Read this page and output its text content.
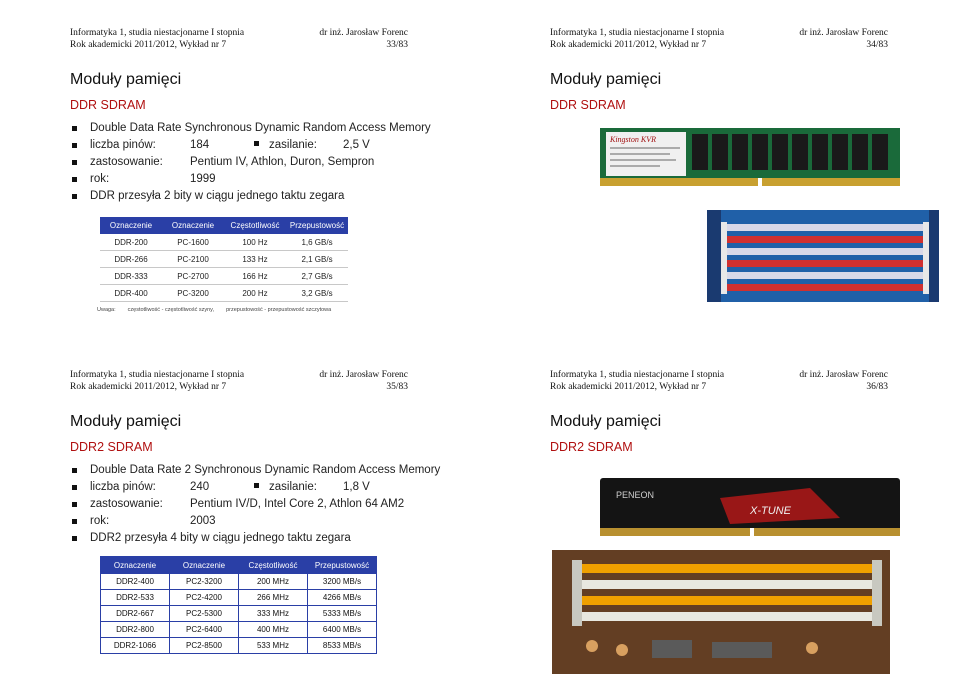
Informatyka 1, studia niestacjonarne I stopnia
Rok akademicki 2011/2012, Wykład nr 7
dr inż. Jarosław Forenc
33/83
Moduły pamięci
DDR SDRAM
Double Data Rate Synchronous Dynamic Random Access Memory
liczba pinów:	184	zasilanie: 2,5 V
zastosowanie: Pentium IV, Athlon, Duron, Sempron
rok:	1999
DDR przesyła 2 bity w ciągu jednego taktu zegara
Oznaczenie	Oznaczenie	Częstotliwość	Przepustowość
DDR-200	PC-1600	100 Hz	1,6 GB/s
DDR-266	PC-2100	133 Hz	2,1 GB/s
DDR-333	PC-2700	166 Hz	2,7 GB/s
DDR-400	PC-3200	200 Hz	3,2 GB/s
Uwaga: częstotliwość - częstotliwość szyny, przepustowość - przepustowość szczytowa
Informatyka 1, studia niestacjonarne I stopnia
Rok akademicki 2011/2012, Wykład nr 7
dr inż. Jarosław Forenc
34/83
Moduły pamięci
DDR SDRAM
Kingston KVR
Informatyka 1, studia niestacjonarne I stopnia
Rok akademicki 2011/2012, Wykład nr 7
dr inż. Jarosław Forenc
35/83
Moduły pamięci
DDR2 SDRAM
Double Data Rate 2 Synchronous Dynamic Random Access Memory
liczba pinów:	240	zasilanie: 1,8 V
zastosowanie: Pentium IV/D, Intel Core 2, Athlon 64 AM2
rok:	2003
DDR2 przesyła 4 bity w ciągu jednego taktu zegara
Oznaczenie	Oznaczenie	Częstotliwość	Przepustowość
DDR2-400	PC2-3200	200 MHz	3200 MB/s
DDR2-533	PC2-4200	266 MHz	4266 MB/s
DDR2-667	PC2-5300	333 MHz	5333 MB/s
DDR2-800	PC2-6400	400 MHz	6400 MB/s
DDR2-1066	PC2-8500	533 MHz	8533 MB/s
Informatyka 1, studia niestacjonarne I stopnia
Rok akademicki 2011/2012, Wykład nr 7
dr inż. Jarosław Forenc
36/83
Moduły pamięci
DDR2 SDRAM
PENEON
X-TUNE
